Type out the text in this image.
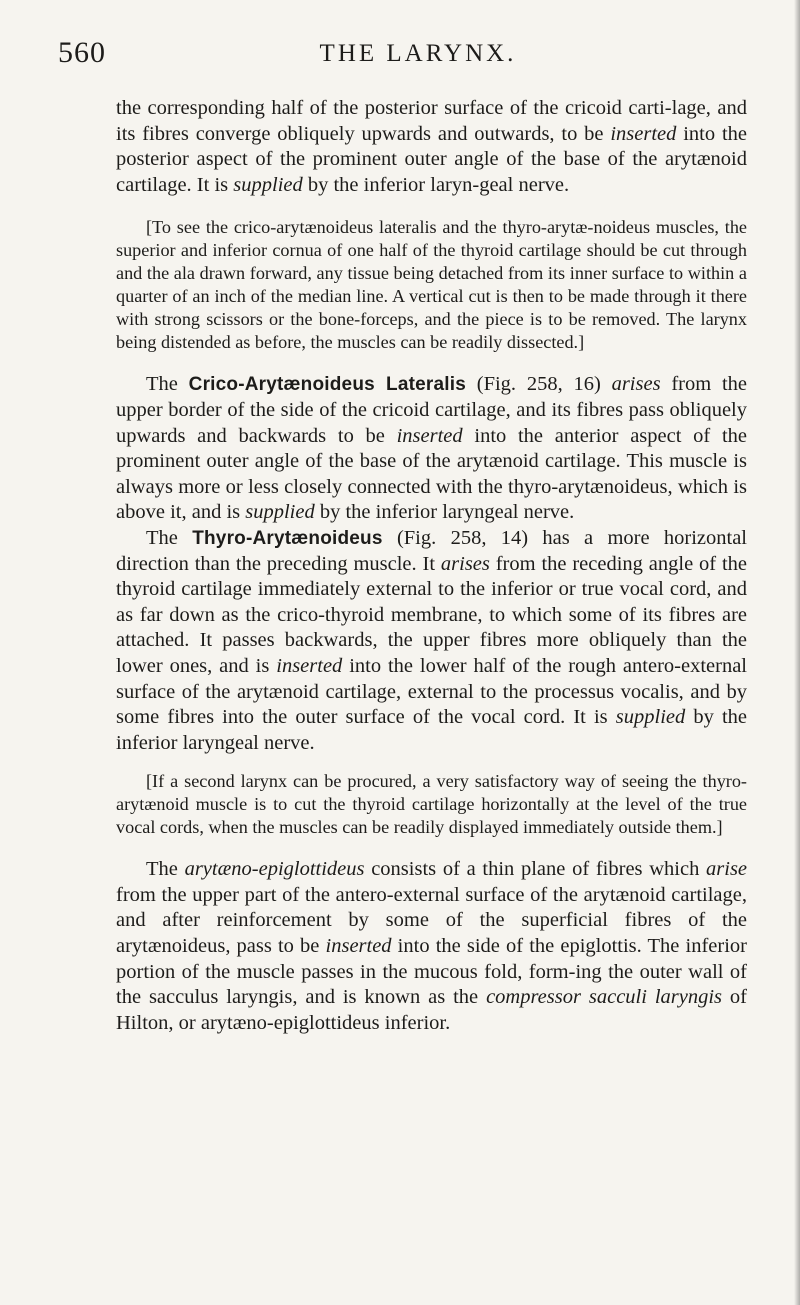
560	THE LARYNX.

the corresponding half of the posterior surface of the cricoid carti-lage, and its fibres converge obliquely upwards and outwards, to be inserted into the posterior aspect of the prominent outer angle of the base of the arytænoid cartilage. It is supplied by the inferior laryn-geal nerve.

[To see the crico-arytænoideus lateralis and the thyro-arytæ-noideus muscles, the superior and inferior cornua of one half of the thyroid cartilage should be cut through and the ala drawn forward, any tissue being detached from its inner surface to within a quarter of an inch of the median line. A vertical cut is then to be made through it there with strong scissors or the bone-forceps, and the piece is to be removed. The larynx being distended as before, the muscles can be readily dissected.]

The Crico-Arytænoideus Lateralis (Fig. 258, 16) arises from the upper border of the side of the cricoid cartilage, and its fibres pass obliquely upwards and backwards to be inserted into the anterior aspect of the prominent outer angle of the base of the arytænoid cartilage. This muscle is always more or less closely connected with the thyro-arytænoideus, which is above it, and is supplied by the inferior laryngeal nerve.

The Thyro-Arytænoideus (Fig. 258, 14) has a more horizontal direction than the preceding muscle. It arises from the receding angle of the thyroid cartilage immediately external to the inferior or true vocal cord, and as far down as the crico-thyroid membrane, to which some of its fibres are attached. It passes backwards, the upper fibres more obliquely than the lower ones, and is inserted into the lower half of the rough antero-external surface of the arytænoid cartilage, external to the processus vocalis, and by some fibres into the outer surface of the vocal cord. It is supplied by the inferior laryngeal nerve.

[If a second larynx can be procured, a very satisfactory way of seeing the thyro-arytænoid muscle is to cut the thyroid cartilage horizontally at the level of the true vocal cords, when the muscles can be readily displayed immediately outside them.]

The arytæno-epiglottideus consists of a thin plane of fibres which arise from the upper part of the antero-external surface of the arytænoid cartilage, and after reinforcement by some of the superficial fibres of the arytænoideus, pass to be inserted into the side of the epiglottis. The inferior portion of the muscle passes in the mucous fold, form-ing the outer wall of the sacculus laryngis, and is known as the compressor sacculi laryngis of Hilton, or arytæno-epiglottideus inferior.
